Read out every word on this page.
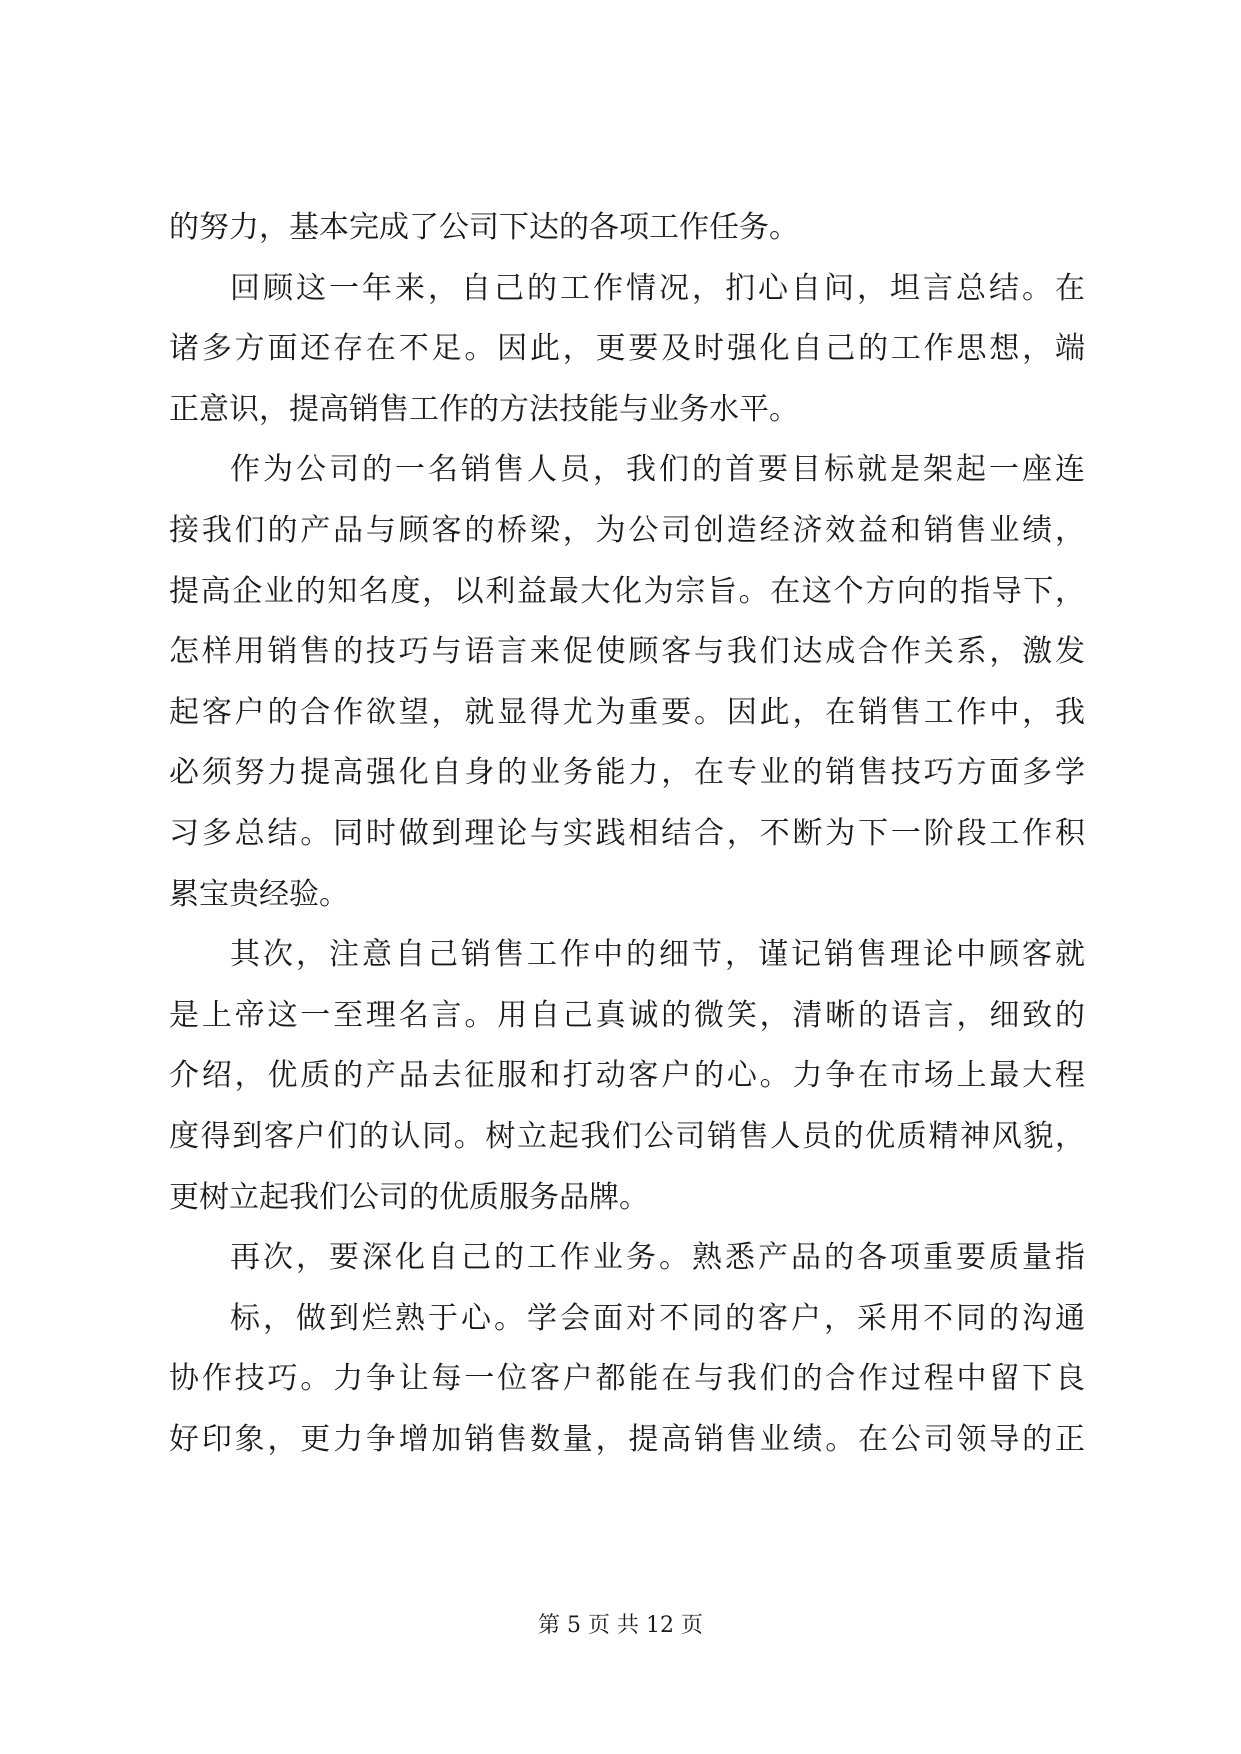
的努力，基本完成了公司下达的各项工作任务。
回顾这一年来，自己的工作情况，扪心自问，坦言总结。在
诸多方面还存在不足。因此，更要及时强化自己的工作思想，端
正意识，提高销售工作的方法技能与业务水平。
作为公司的一名销售人员，我们的首要目标就是架起一座连
接我们的产品与顾客的桥梁，为公司创造经济效益和销售业绩，
提高企业的知名度，以利益最大化为宗旨。在这个方向的指导下，
怎样用销售的技巧与语言来促使顾客与我们达成合作关系，激发
起客户的合作欲望，就显得尤为重要。因此，在销售工作中，我
必须努力提高强化自身的业务能力，在专业的销售技巧方面多学
习多总结。同时做到理论与实践相结合，不断为下一阶段工作积
累宝贵经验。
其次，注意自己销售工作中的细节，谨记销售理论中顾客就
是上帝这一至理名言。用自己真诚的微笑，清晰的语言，细致的
介绍，优质的产品去征服和打动客户的心。力争在市场上最大程
度得到客户们的认同。树立起我们公司销售人员的优质精神风貌，
更树立起我们公司的优质服务品牌。
再次，要深化自己的工作业务。熟悉产品的各项重要质量指
标，做到烂熟于心。学会面对不同的客户，采用不同的沟通
协作技巧。力争让每一位客户都能在与我们的合作过程中留下良
好印象，更力争增加销售数量，提高销售业绩。在公司领导的正
第 5 页 共 12 页
